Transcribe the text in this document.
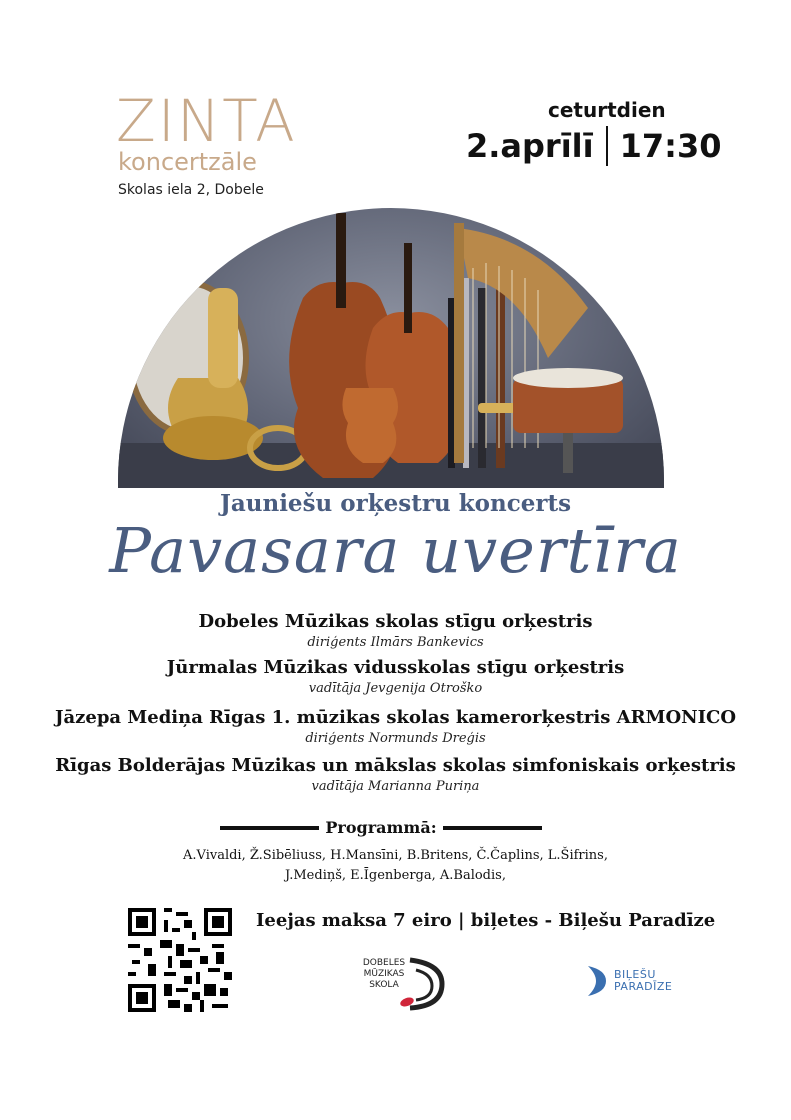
ZINTA
koncertzāle
Skolas iela 2, Dobele
ceturtdien
2.aprīlī 17:30
Jauniešu orķestru koncerts
Pavasara uvertīra
Dobeles Mūzikas skolas stīgu orķestris
diriģents Ilmārs Bankevics
Jūrmalas Mūzikas vidusskolas stīgu orķestris
vadītāja Jevgenija Otroško
Jāzepa Mediņa Rīgas 1. mūzikas skolas kamerorķestris ARMONICO
diriģents Normunds Dreģis
Rīgas Bolderājas Mūzikas un mākslas skolas simfoniskais orķestris
vadītāja Marianna Puriņa
Programmā:
A.Vivaldi, Ž.Sibēliuss, H.Mansīni, B.Britens, Č.Čaplins, L.Šifrins,
J.Mediņš, E.Īgenberga, A.Balodis,
Ieejas maksa 7 eiro | biļetes - Biļešu Paradīze
DOBELES
MŪZIKAS
SKOLA
BIĻEŠU
PARADĪZE
